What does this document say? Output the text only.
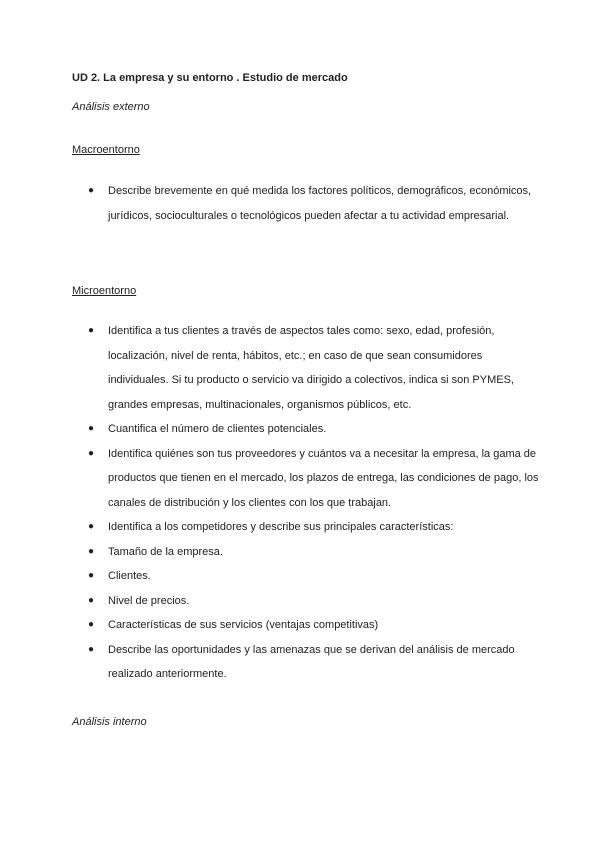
UD 2. La empresa y su entorno . Estudio de mercado
Análisis externo
Macroentorno
● Describe brevemente en qué medida los factores políticos, demográficos, económicos, jurídicos, socioculturales o tecnológicos pueden afectar a tu actividad empresarial.
Microentorno
● Identifica a tus clientes a través de aspectos tales como: sexo, edad, profesión, localización, nivel de renta, hábitos, etc.; en caso de que sean consumidores individuales. Si tu producto o servicio va dirigido a colectivos, indica si son PYMES, grandes empresas, multinacionales, organismos públicos, etc.
● Cuantifica el número de clientes potenciales.
● Identifica quiénes son tus proveedores y cuántos va a necesitar la empresa, la gama de productos que tienen en el mercado, los plazos de entrega, las condiciones de pago, los canales de distribución y los clientes con los que trabajan.
● Identifica a los competidores y describe sus principales características:
● Tamaño de la empresa.
● Clientes.
● Nivel de precios.
● Características de sus servicios (ventajas competitivas)
● Describe las oportunidades y las amenazas que se derivan del análisis de mercado realizado anteriormente.
Análisis interno
